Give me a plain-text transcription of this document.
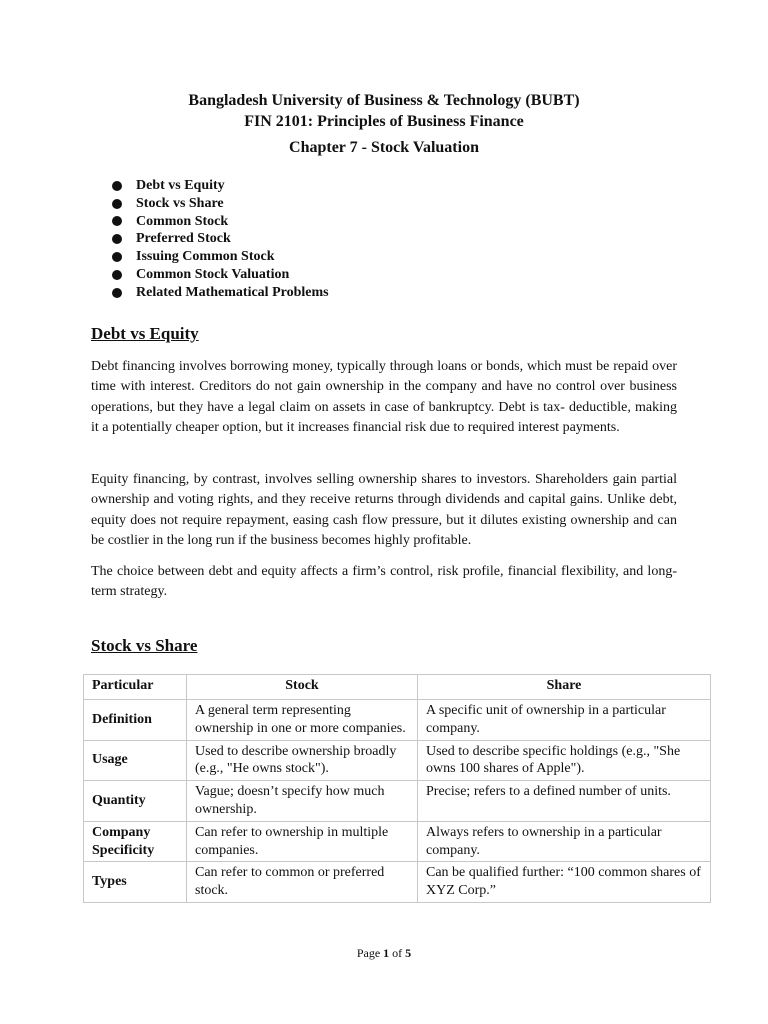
Bangladesh University of Business & Technology (BUBT)
FIN 2101: Principles of Business Finance
Chapter 7 - Stock Valuation
Debt vs Equity
Stock vs Share
Common Stock
Preferred Stock
Issuing Common Stock
Common Stock Valuation
Related Mathematical Problems
Debt vs Equity

Debt financing involves borrowing money, typically through loans or bonds, which must be repaid over time with interest. Creditors do not gain ownership in the company and have no control over business operations, but they have a legal claim on assets in case of bankruptcy. Debt is tax- deductible, making it a potentially cheaper option, but it increases financial risk due to required interest payments.

Equity financing, by contrast, involves selling ownership shares to investors. Shareholders gain partial ownership and voting rights, and they receive returns through dividends and capital gains. Unlike debt, equity does not require repayment, easing cash flow pressure, but it dilutes existing ownership and can be costlier in the long run if the business becomes highly profitable.

The choice between debt and equity affects a firm’s control, risk profile, financial flexibility, and long-term strategy.

Stock vs Share
Particular	Stock	Share
Definition	A general term representing ownership in one or more companies.	A specific unit of ownership in a particular company.
Usage	Used to describe ownership broadly (e.g., "He owns stock").	Used to describe specific holdings (e.g., "She owns 100 shares of Apple").
Quantity	Vague; doesn’t specify how much ownership.	Precise; refers to a defined number of units.
Company Specificity	Can refer to ownership in multiple companies.	Always refers to ownership in a particular company.
Types	Can refer to common or preferred stock.	Can be qualified further: “100 common shares of XYZ Corp.”
Page 1 of 5
